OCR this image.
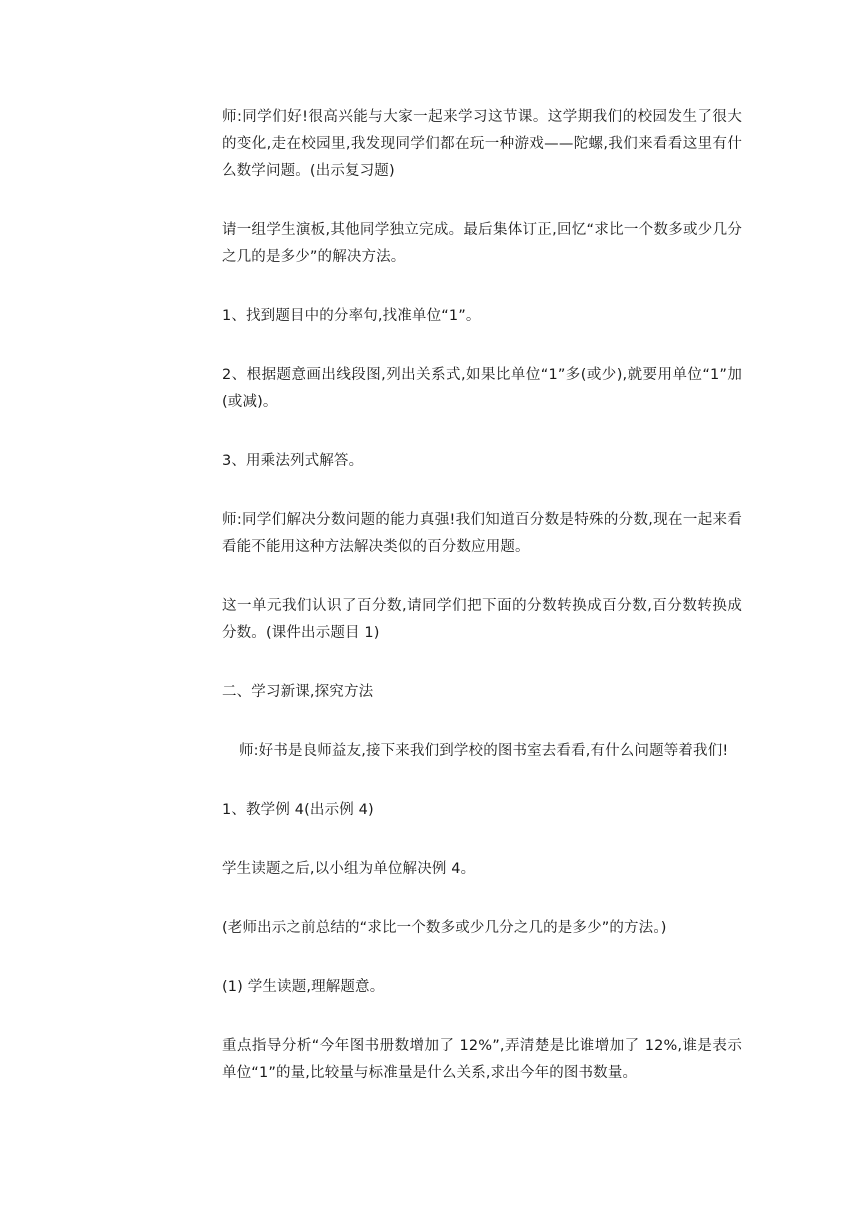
师:同学们好!很高兴能与大家一起来学习这节课。这学期我们的校园发生了很大的变化,走在校园里,我发现同学们都在玩一种游戏——陀螺,我们来看看这里有什么数学问题。(出示复习题)

请一组学生演板,其他同学独立完成。最后集体订正,回忆“求比一个数多或少几分之几的是多少”的解决方法。

1、找到题目中的分率句,找准单位“1”。

2、根据题意画出线段图,列出关系式,如果比单位“1”多(或少),就要用单位“1”加(或减)。

3、用乘法列式解答。

师:同学们解决分数问题的能力真强!我们知道百分数是特殊的分数,现在一起来看看能不能用这种方法解决类似的百分数应用题。

这一单元我们认识了百分数,请同学们把下面的分数转换成百分数,百分数转换成分数。(课件出示题目 1)

二、学习新课,探究方法

师:好书是良师益友,接下来我们到学校的图书室去看看,有什么问题等着我们!

1、教学例 4(出示例 4)

学生读题之后,以小组为单位解决例 4。

(老师出示之前总结的“求比一个数多或少几分之几的是多少”的方法。)

(1) 学生读题,理解题意。

重点指导分析“今年图书册数增加了 12%”,弄清楚是比谁增加了 12%,谁是表示单位“1”的量,比较量与标准量是什么关系,求出今年的图书数量。
